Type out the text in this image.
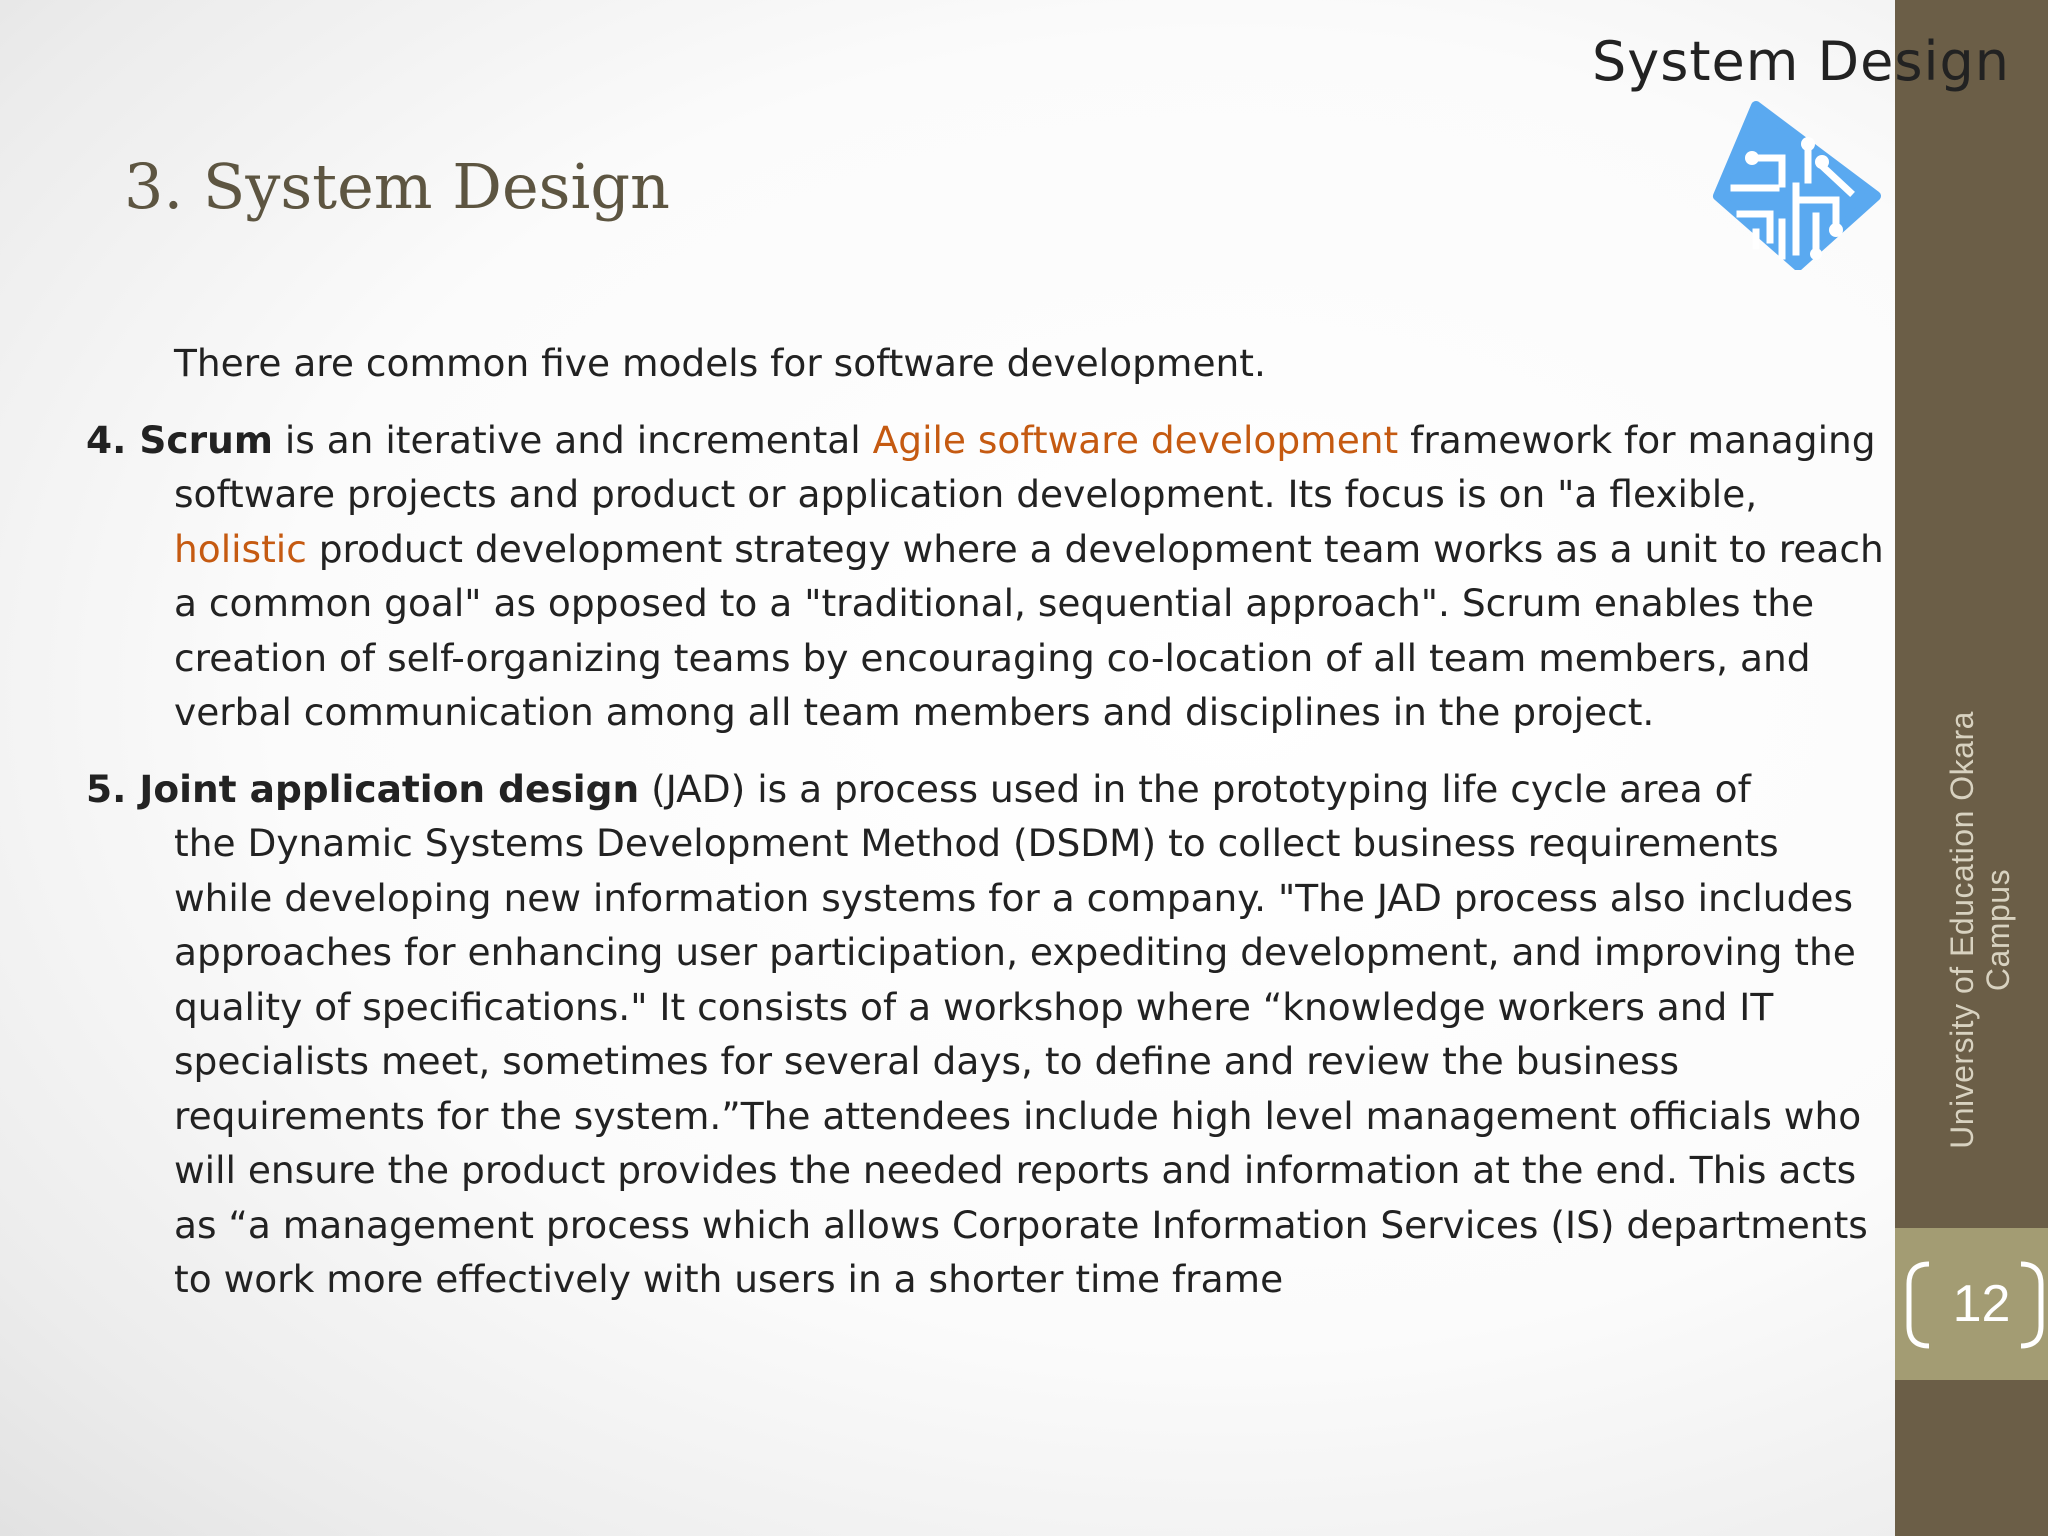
System Design
3. System Design
There are common five models for software development.
4. Scrum is an iterative and incremental Agile software development framework for managing
software projects and product or application development. Its focus is on "a flexible,
holistic product development strategy where a development team works as a unit to reach
a common goal" as opposed to a "traditional, sequential approach". Scrum enables the
creation of self-organizing teams by encouraging co-location of all team members, and
verbal communication among all team members and disciplines in the project.
5. Joint application design (JAD) is a process used in the prototyping life cycle area of
the Dynamic Systems Development Method (DSDM) to collect business requirements
while developing new information systems for a company. "The JAD process also includes
approaches for enhancing user participation, expediting development, and improving the
quality of specifications." It consists of a workshop where “knowledge workers and IT
specialists meet, sometimes for several days, to define and review the business
requirements for the system.”The attendees include high level management officials who
will ensure the product provides the needed reports and information at the end. This acts
as “a management process which allows Corporate Information Services (IS) departments
to work more effectively with users in a shorter time frame
University of Education Okara
Campus
12
